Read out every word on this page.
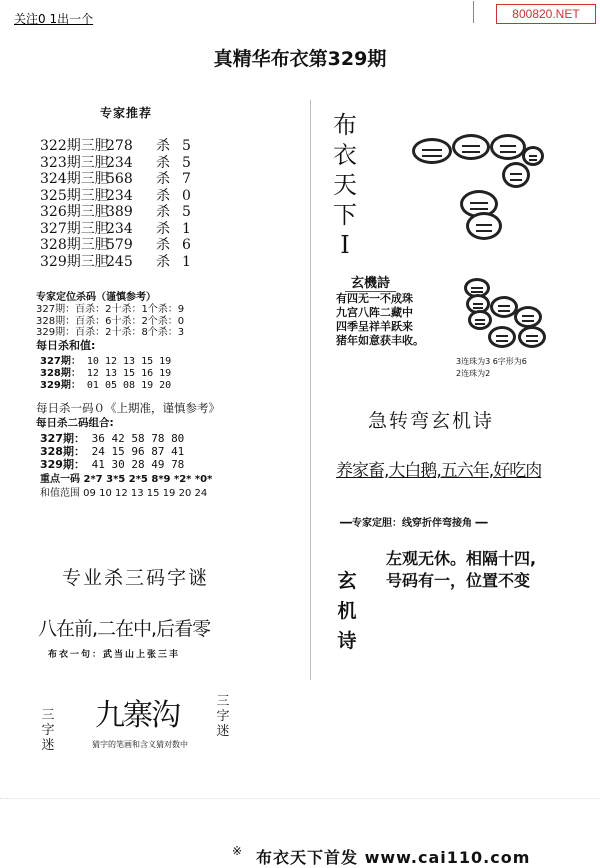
关注0 1出一个	800820.NET
真精华布衣第329期
专家推荐
322期三胆278 杀 5
323期三胆234 杀 5
324期三胆568 杀 7
325期三胆234 杀 0
326期三胆389 杀 5
327期三胆234 杀 1
328期三胆579 杀 6
329期三胆245 杀 1
专家定位杀码（谨慎参考）
327期：百杀：2十杀：1个杀：9
328期：百杀：6十杀：2个杀：0
329期：百杀：2十杀：8个杀：3
每日杀和值:
327期： 10 12 13 15 19
328期： 12 13 15 16 19
329期： 01 05 08 19 20
每日杀一码０《上期准，谨慎参考》
每日杀二码组合:
327期： 36 42 58 78 80
328期： 24 15 96 87 41
329期： 41 30 28 49 78
重点一码 2*7 3*5 2*5 8*9 *2* *0*
和值范围 09 10 12 13 15 19 20 24
布
衣
天
下
I
玄機詩
有四无一不成珠
九宫八阵二藏中
四季呈祥羊跃来
猪年如意获丰收。
3连珠为3 6字形为6
2连珠为2
急转弯玄机诗
养家畜,大白鹅,五六年,好吃肉
━━专家定胆：线穿折伴弯接角 ━━
玄
机
诗
左观无休。相隔十四,
号码有一，位置不变
专业杀三码字谜
八在前,二在中,后看零
布衣一句：武当山上张三丰
三
字
迷
九寨沟	三
字
迷
猜字的笔画和含义猜对数中
※ 布衣天下首发 www.cai110.com
